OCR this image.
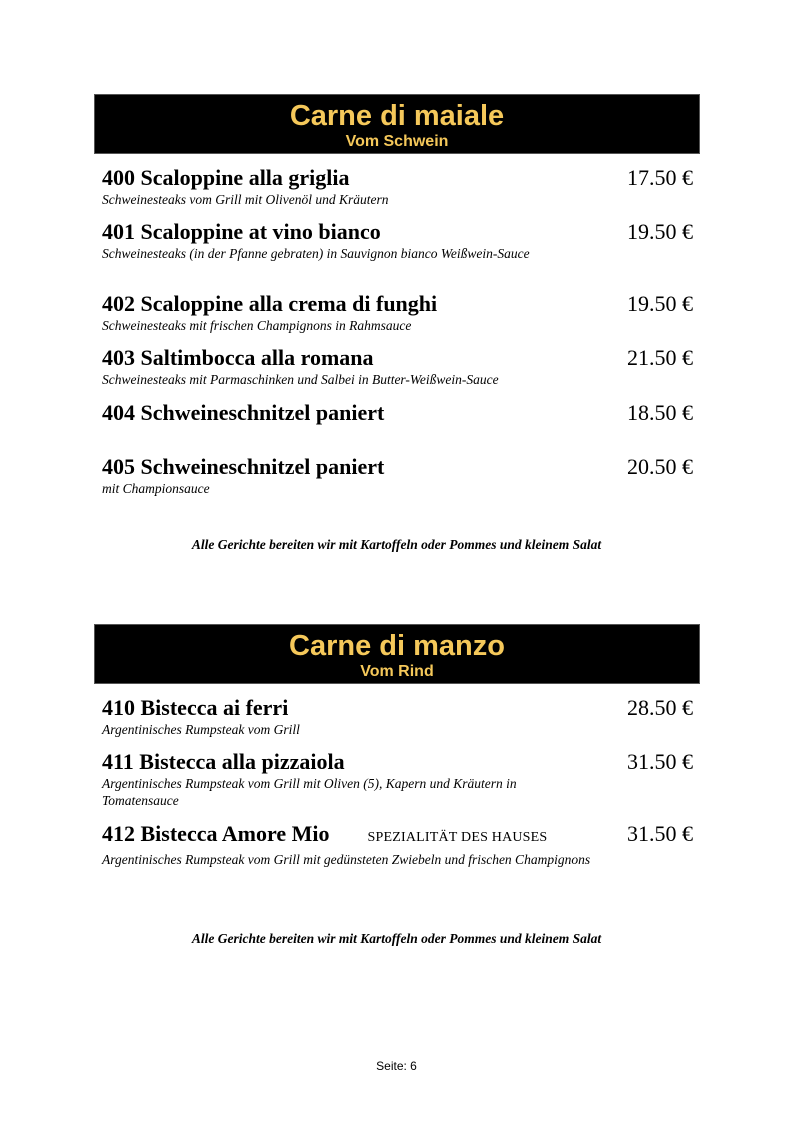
Carne di maiale
Vom Schwein
400 Scaloppine alla griglia	17.50 €
Schweinesteaks vom Grill mit Olivenöl und Kräutern
401 Scaloppine at vino bianco	19.50 €
Schweinesteaks (in der Pfanne gebraten) in Sauvignon bianco Weißwein-Sauce
402 Scaloppine alla crema di funghi	19.50 €
Schweinesteaks mit frischen Champignons in Rahmsauce
403 Saltimbocca alla romana	21.50 €
Schweinesteaks mit Parmaschinken und Salbei in Butter-Weißwein-Sauce
404 Schweineschnitzel paniert	18.50 €
405 Schweineschnitzel paniert	20.50 €
mit Championsauce
Alle Gerichte bereiten wir mit Kartoffeln oder Pommes und kleinem Salat
Carne di manzo
Vom Rind
410 Bistecca ai ferri	28.50 €
Argentinisches Rumpsteak vom Grill
411 Bistecca alla pizzaiola	31.50 €
Argentinisches Rumpsteak vom Grill mit Oliven (5), Kapern und Kräutern in Tomatensauce
412 Bistecca Amore Mio	SPEZIALITÄT DES HAUSES	31.50 €
Argentinisches Rumpsteak vom Grill mit gedünsteten Zwiebeln und frischen Champignons
Alle Gerichte bereiten wir mit Kartoffeln oder Pommes und kleinem Salat
Seite: 6
